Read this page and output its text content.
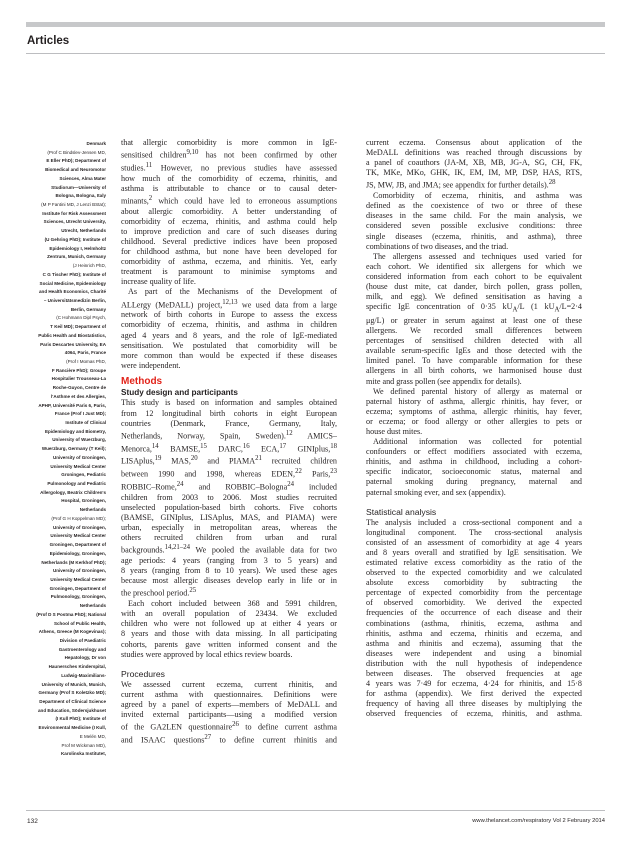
Articles
Denmark
(Prof C Bindslev-Jensen MD,
E Eller PhD); Department of
Biomedical and Neuromotor
Sciences, Alma Mater
Studiorum—University of
Bologna, Bologna, Italy
(M P Fantini MD, J Lenzi BStat);
Institute for Risk Assessment
Sciences, Utrecht University,
Utrecht, Netherlands
(U Gehring PhD); Institute of
Epidemiology I, Helmholtz
Zentrum, Munich, Germany
(J Heinrich PhD,
C G Tischer PhD); Institute of
Social Medicine, Epidemiology
and Health Economics, Charité
– Universitätsmedizin Berlin,
Berlin, Germany
(C Hohmann Dipl Psych,
T Keil MD); Department of
Public Health and Biostatistics,
Paris Descartes University, EA
4064, Paris, France
(Prof I Momas PhD,
F Rancière PhD); Groupe
Hospitalier Trousseau-La
Roche-Guyon, Centre de
l'Asthme et des Allergies,
APHP, Université Paris 6, Paris,
France (Prof I Just MD);
Institute of Clinical
Epidemiology and Biometry,
University of Wuerzburg,
Wuerzburg, Germany (T Keil);
University of Groningen,
University Medical Center
Groningen, Pediatric
Pulmonology and Pediatric
Allergology, Beatrix Children's
Hospital, Groningen,
Netherlands
(Prof G H Koppelman MD);
University of Groningen,
University Medical Center
Groningen, Department of
Epidemiology, Groningen,
Netherlands (M Kerkhof PhD);
University of Groningen,
University Medical Center
Groningen, Department of
Pulmonology, Groningen,
Netherlands
(Prof D S Postma PhD); National
School of Public Health,
Athens, Greece (M Kogevinas);
Division of Paediatric
Gastroenterology and
Hepatology, Dr von
Haunersches Kinderspital,
Ludwig-Maximilians-
University of Munich, Munich,
Germany (Prof S Koletzko MD);
Department of Clinical Science
and Education, Södersjukhuset
(I Kull PhD); Institute of
Environmental Medicine (I Kull,
E Melén MD,
Prof M Wickman MD),
Karolinska Institutet,
that allergic comorbidity is more common in IgE-
sensitised children$^{9,10}$ has not been confirmed by other
studies.$^{11}$ However, no previous studies have assessed
how much of the comorbidity of eczema, rhinitis, and
asthma is attributable to chance or to causal deter-
minants,$^2$ which could have led to erroneous assumptions
about allergic comorbidity. A better understanding of
comorbidity of eczema, rhinitis, and asthma could help
to improve prediction and care of such diseases during
childhood. Several predictive indices have been proposed
for childhood asthma, but none have been developed for
comorbidity of asthma, eczema, and rhinitis. Yet, early
treatment is paramount to minimise symptoms and
increase quality of life.
As part of the Mechanisms of the Development of
ALLergy (MeDALL) project,$^{12,13}$ we used data from a large
network of birth cohorts in Europe to assess the excess
comorbidity of eczema, rhinitis, and asthma in children
aged 4 years and 8 years, and the role of IgE-mediated
sensitisation. We postulated that comorbidity will be
more common than would be expected if these diseases
were independent.
Methods
Study design and participants
This study is based on information and samples obtained
from 12 longitudinal birth cohorts in eight European
countries (Denmark, France, Germany, Italy,
Netherlands, Norway, Spain, Sweden).$^{12}$ AMICS–
Menorca,$^{14}$ BAMSE,$^{15}$ DARC,$^{16}$ ECA,$^{17}$ GINIplus,$^{18}$
LISAplus,$^{19}$ MAS,$^{20}$ and PIAMA$^{21}$ recruited children
between 1990 and 1998, whereas EDEN,$^{22}$ Paris,$^{23}$
ROBBIC–Rome,$^{24}$ and ROBBIC–Bologna$^{24}$ included
children from 2003 to 2006. Most studies recruited
unselected population-based birth cohorts. Five cohorts
(BAMSE, GINIplus, LISAplus, MAS, and PIAMA) were
urban, especially in metropolitan areas, whereas the
others recruited children from urban and rural
backgrounds.$^{14,21-24}$ We pooled the available data for two
age periods: 4 years (ranging from 3 to 5 years) and
8 years (ranging from 8 to 10 years). We used these ages
because most allergic diseases develop early in life or in
the preschool period.$^{25}$
Each cohort included between 368 and 5991 children,
with an overall population of 23434. We excluded
children who were not followed up at either 4 years or
8 years and those with data missing. In all participating
cohorts, parents gave written informed consent and the
studies were approved by local ethics review boards.
Procedures
We assessed current eczema, current rhinitis, and
current asthma with questionnaires. Definitions were
agreed by a panel of experts—members of MeDALL and
invited external participants—using a modified version
of the GA2LEN questionnaire$^{26}$ to define current asthma
and ISAAC questions$^{27}$ to define current rhinitis and
current eczema. Consensus about application of the
MeDALL definitions was reached through discussions by
a panel of coauthors (JA-M, XB, MB, JG-A, SG, CH, FK,
TK, MKe, MKo, GHK, IK, EM, IM, MP, DSP, HAS, RTS,
JS, MW, JB, and JMA; see appendix for further details).$^{28}$
Comorbidity of eczema, rhinitis, and asthma was
defined as the coexistence of two or three of these
diseases in the same child. For the main analysis, we
considered seven possible exclusive conditions: three
single diseases (eczema, rhinitis, and asthma), three
combinations of two diseases, and the triad.
The allergens assessed and techniques used varied for
each cohort. We identified six allergens for which we
considered information from each cohort to be equivalent
(house dust mite, cat dander, birch pollen, grass pollen,
milk, and egg). We defined sensitisation as having a
specific IgE concentration of 0·35 $kU_A/L$ (1 $kU_A/L=2\cdot 4$
μg/L) or greater in serum against at least one of these
allergens. We recorded small differences between
percentages of sensitised children detected with all
available serum-specific IgEs and those detected with the
limited panel. To have comparable information for these
allergens in all birth cohorts, we harmonised house dust
mite and grass pollen (see appendix for details).
We defined parental history of allergy as maternal or
paternal history of asthma, allergic rhinitis, hay fever, or
eczema; symptoms of asthma, allergic rhinitis, hay fever,
or eczema; or food allergy or other allergies to pets or
house dust mites.
Additional information was collected for potential
confounders or effect modifiers associated with eczema,
rhinitis, and asthma in childhood, including a cohort-
specific indicator, socioeconomic status, maternal and
paternal smoking during pregnancy, maternal and
paternal smoking ever, and sex (appendix).
Statistical analysis
The analysis included a cross-sectional component and a
longitudinal component. The cross-sectional analysis
consisted of an assessment of comorbidity at age 4 years
and 8 years overall and stratified by IgE sensitisation. We
estimated relative excess comorbidity as the ratio of the
observed to the expected comorbidity and we calculated
absolute excess comorbidity by subtracting the
percentage of expected comorbidity from the percentage
of observed comorbidity. We derived the expected
frequencies of the occurrence of each disease and their
combinations (asthma, rhinitis, eczema, asthma and
rhinitis, asthma and eczema, rhinitis and eczema, and
asthma and rhinitis and eczema), assuming that the
diseases were independent and using a binomial
distribution with the null hypothesis of independence
between diseases. The observed frequencies at age
4 years was 7·49 for eczema, 4·24 for rhinitis, and 15·8
for asthma (appendix). We first derived the expected
frequency of having all three diseases by multiplying the
observed frequencies of eczema, rhinitis, and asthma.
132	www.thelancet.com/respiratory Vol 2 February 2014
